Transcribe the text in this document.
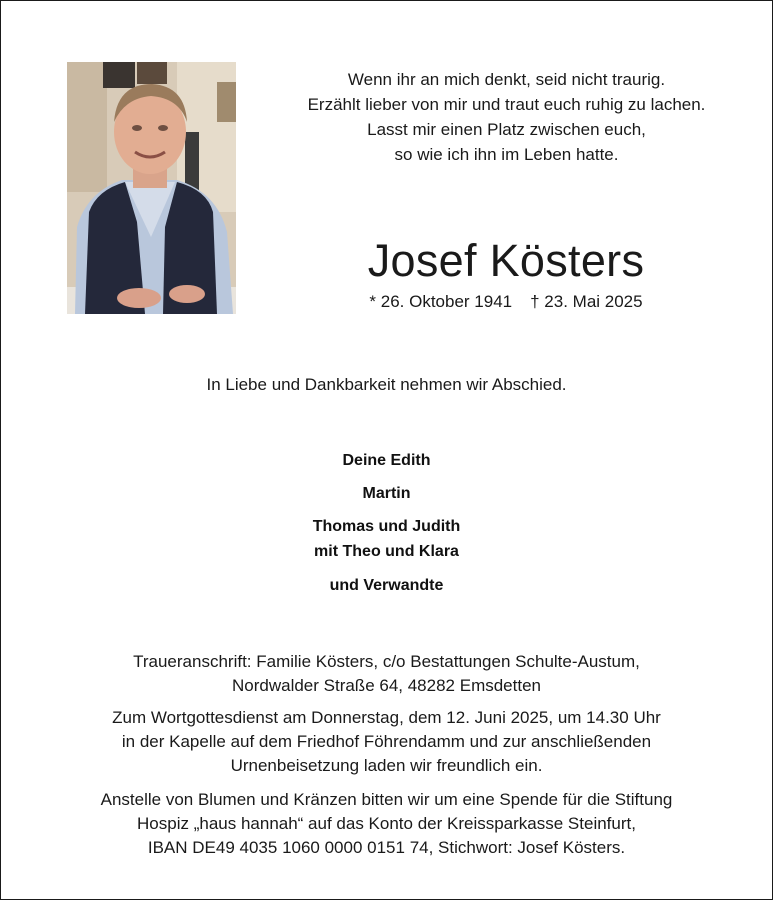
Wenn ihr an mich denkt, seid nicht traurig.
Erzählt lieber von mir und traut euch ruhig zu lachen.
Lasst mir einen Platz zwischen euch,
so wie ich ihn im Leben hatte.
Josef Kösters
* 26. Oktober 1941 † 23. Mai 2025
In Liebe und Dankbarkeit nehmen wir Abschied.
Deine Edith
Martin
Thomas und Judith
mit Theo und Klara
und Verwandte
Traueranschrift: Familie Kösters, c/o Bestattungen Schulte-Austum,
Nordwalder Straße 64, 48282 Emsdetten
Zum Wortgottesdienst am Donnerstag, dem 12. Juni 2025, um 14.30 Uhr
in der Kapelle auf dem Friedhof Föhrendamm und zur anschließenden
Urnenbeisetzung laden wir freundlich ein.
Anstelle von Blumen und Kränzen bitten wir um eine Spende für die Stiftung
Hospiz „haus hannah“ auf das Konto der Kreissparkasse Steinfurt,
IBAN DE49 4035 1060 0000 0151 74, Stichwort: Josef Kösters.
